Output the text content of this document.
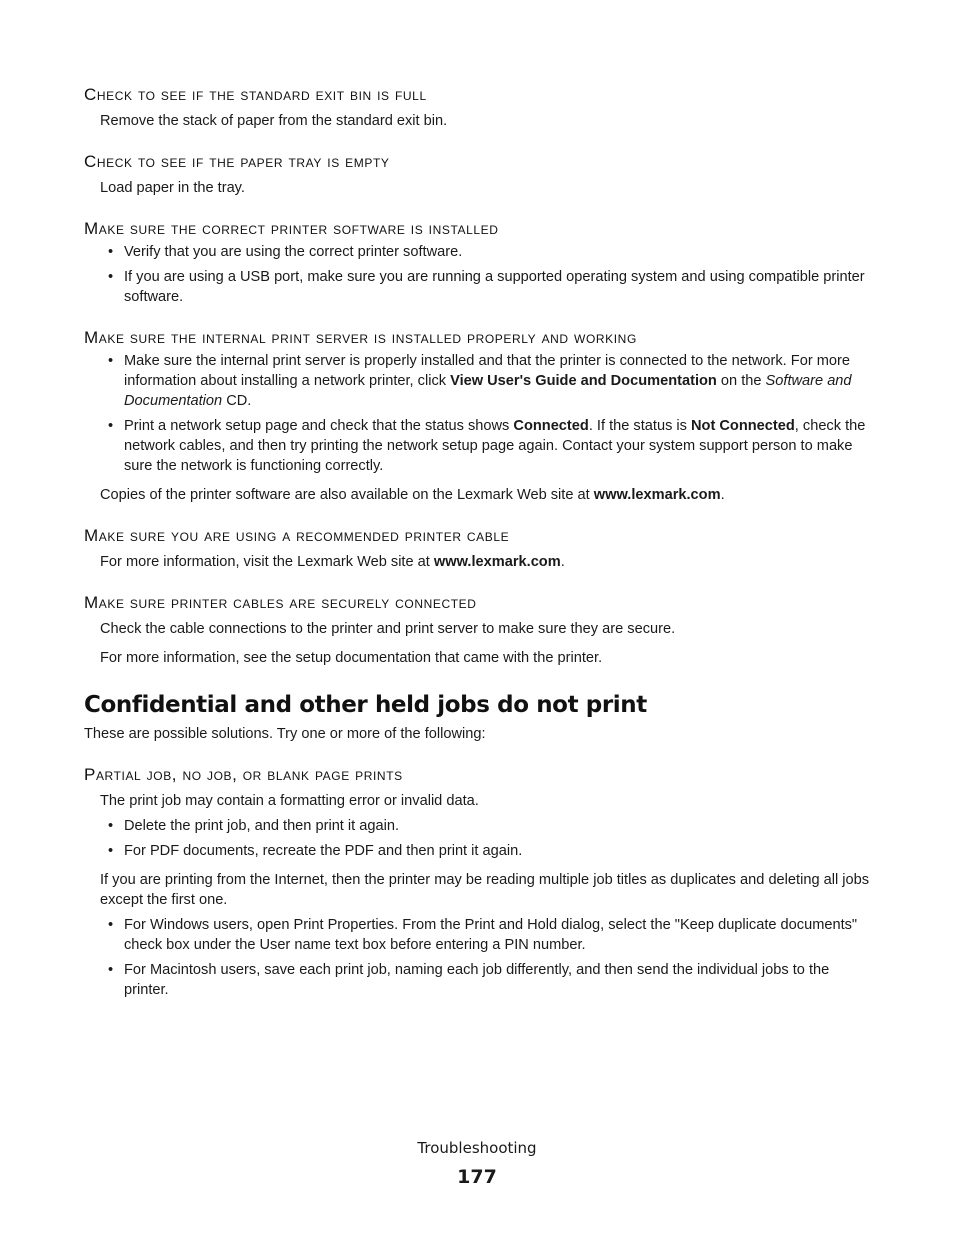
Check to see if the standard exit bin is full

Remove the stack of paper from the standard exit bin.

Check to see if the paper tray is empty

Load paper in the tray.

Make sure the correct printer software is installed
• Verify that you are using the correct printer software.
• If you are using a USB port, make sure you are running a supported operating system and using compatible printer software.
Make sure the internal print server is installed properly and working
• Make sure the internal print server is properly installed and that the printer is connected to the network. For more information about installing a network printer, click View User's Guide and Documentation on the Software and Documentation CD.
• Print a network setup page and check that the status shows Connected. If the status is Not Connected, check the network cables, and then try printing the network setup page again. Contact your system support person to make sure the network is functioning correctly.

Copies of the printer software are also available on the Lexmark Web site at www.lexmark.com.

Make sure you are using a recommended printer cable

For more information, visit the Lexmark Web site at www.lexmark.com.

Make sure printer cables are securely connected

Check the cable connections to the printer and print server to make sure they are secure.

For more information, see the setup documentation that came with the printer.

Confidential and other held jobs do not print

These are possible solutions. Try one or more of the following:

Partial job, no job, or blank page prints

The print job may contain a formatting error or invalid data.

• Delete the print job, and then print it again.
• For PDF documents, recreate the PDF and then print it again.

If you are printing from the Internet, then the printer may be reading multiple job titles as duplicates and deleting all jobs except the first one.

• For Windows users, open Print Properties. From the Print and Hold dialog, select the "Keep duplicate documents" check box under the User name text box before entering a PIN number.
• For Macintosh users, save each print job, naming each job differently, and then send the individual jobs to the printer.
Troubleshooting
177
